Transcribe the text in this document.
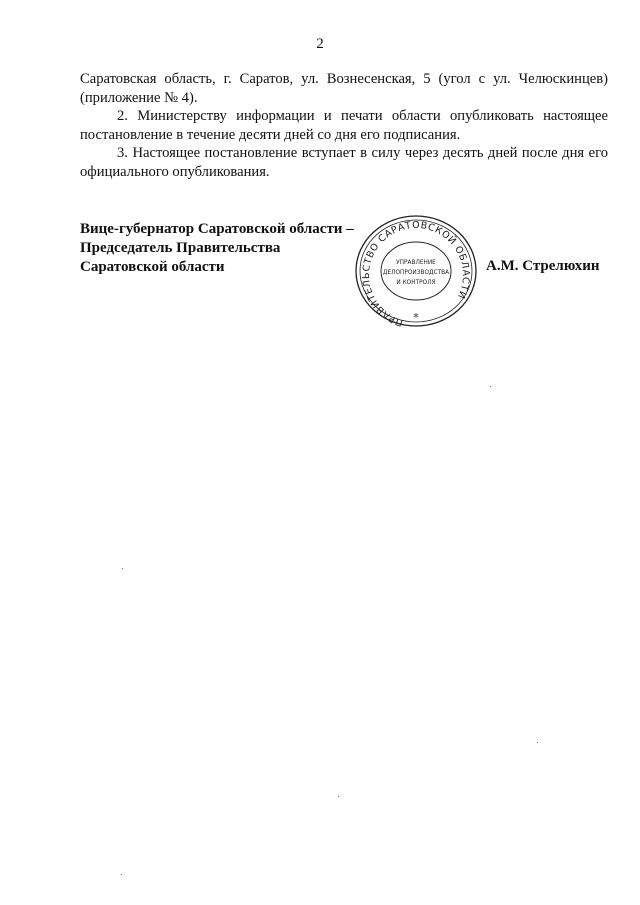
2

Саратовская область, г. Саратов, ул. Вознесенская, 5 (угол с ул. Челюскинцев) (приложение № 4).

2. Министерству информации и печати области опубликовать настоящее постановление в течение десяти дней со дня его подписания.

3. Настоящее постановление вступает в силу через десять дней после дня его официального опубликования.

Вице-губернатор Саратовской области –
Председатель Правительства
Саратовской области
ПРАВИТЕЛЬСТВО САРАТОВСКОЙ ОБЛАСТИ
УПРАВЛЕНИЕ
ДЕЛОПРОИЗВОДСТВА
И КОНТРОЛЯ
*
А.М. Стрелюхин
